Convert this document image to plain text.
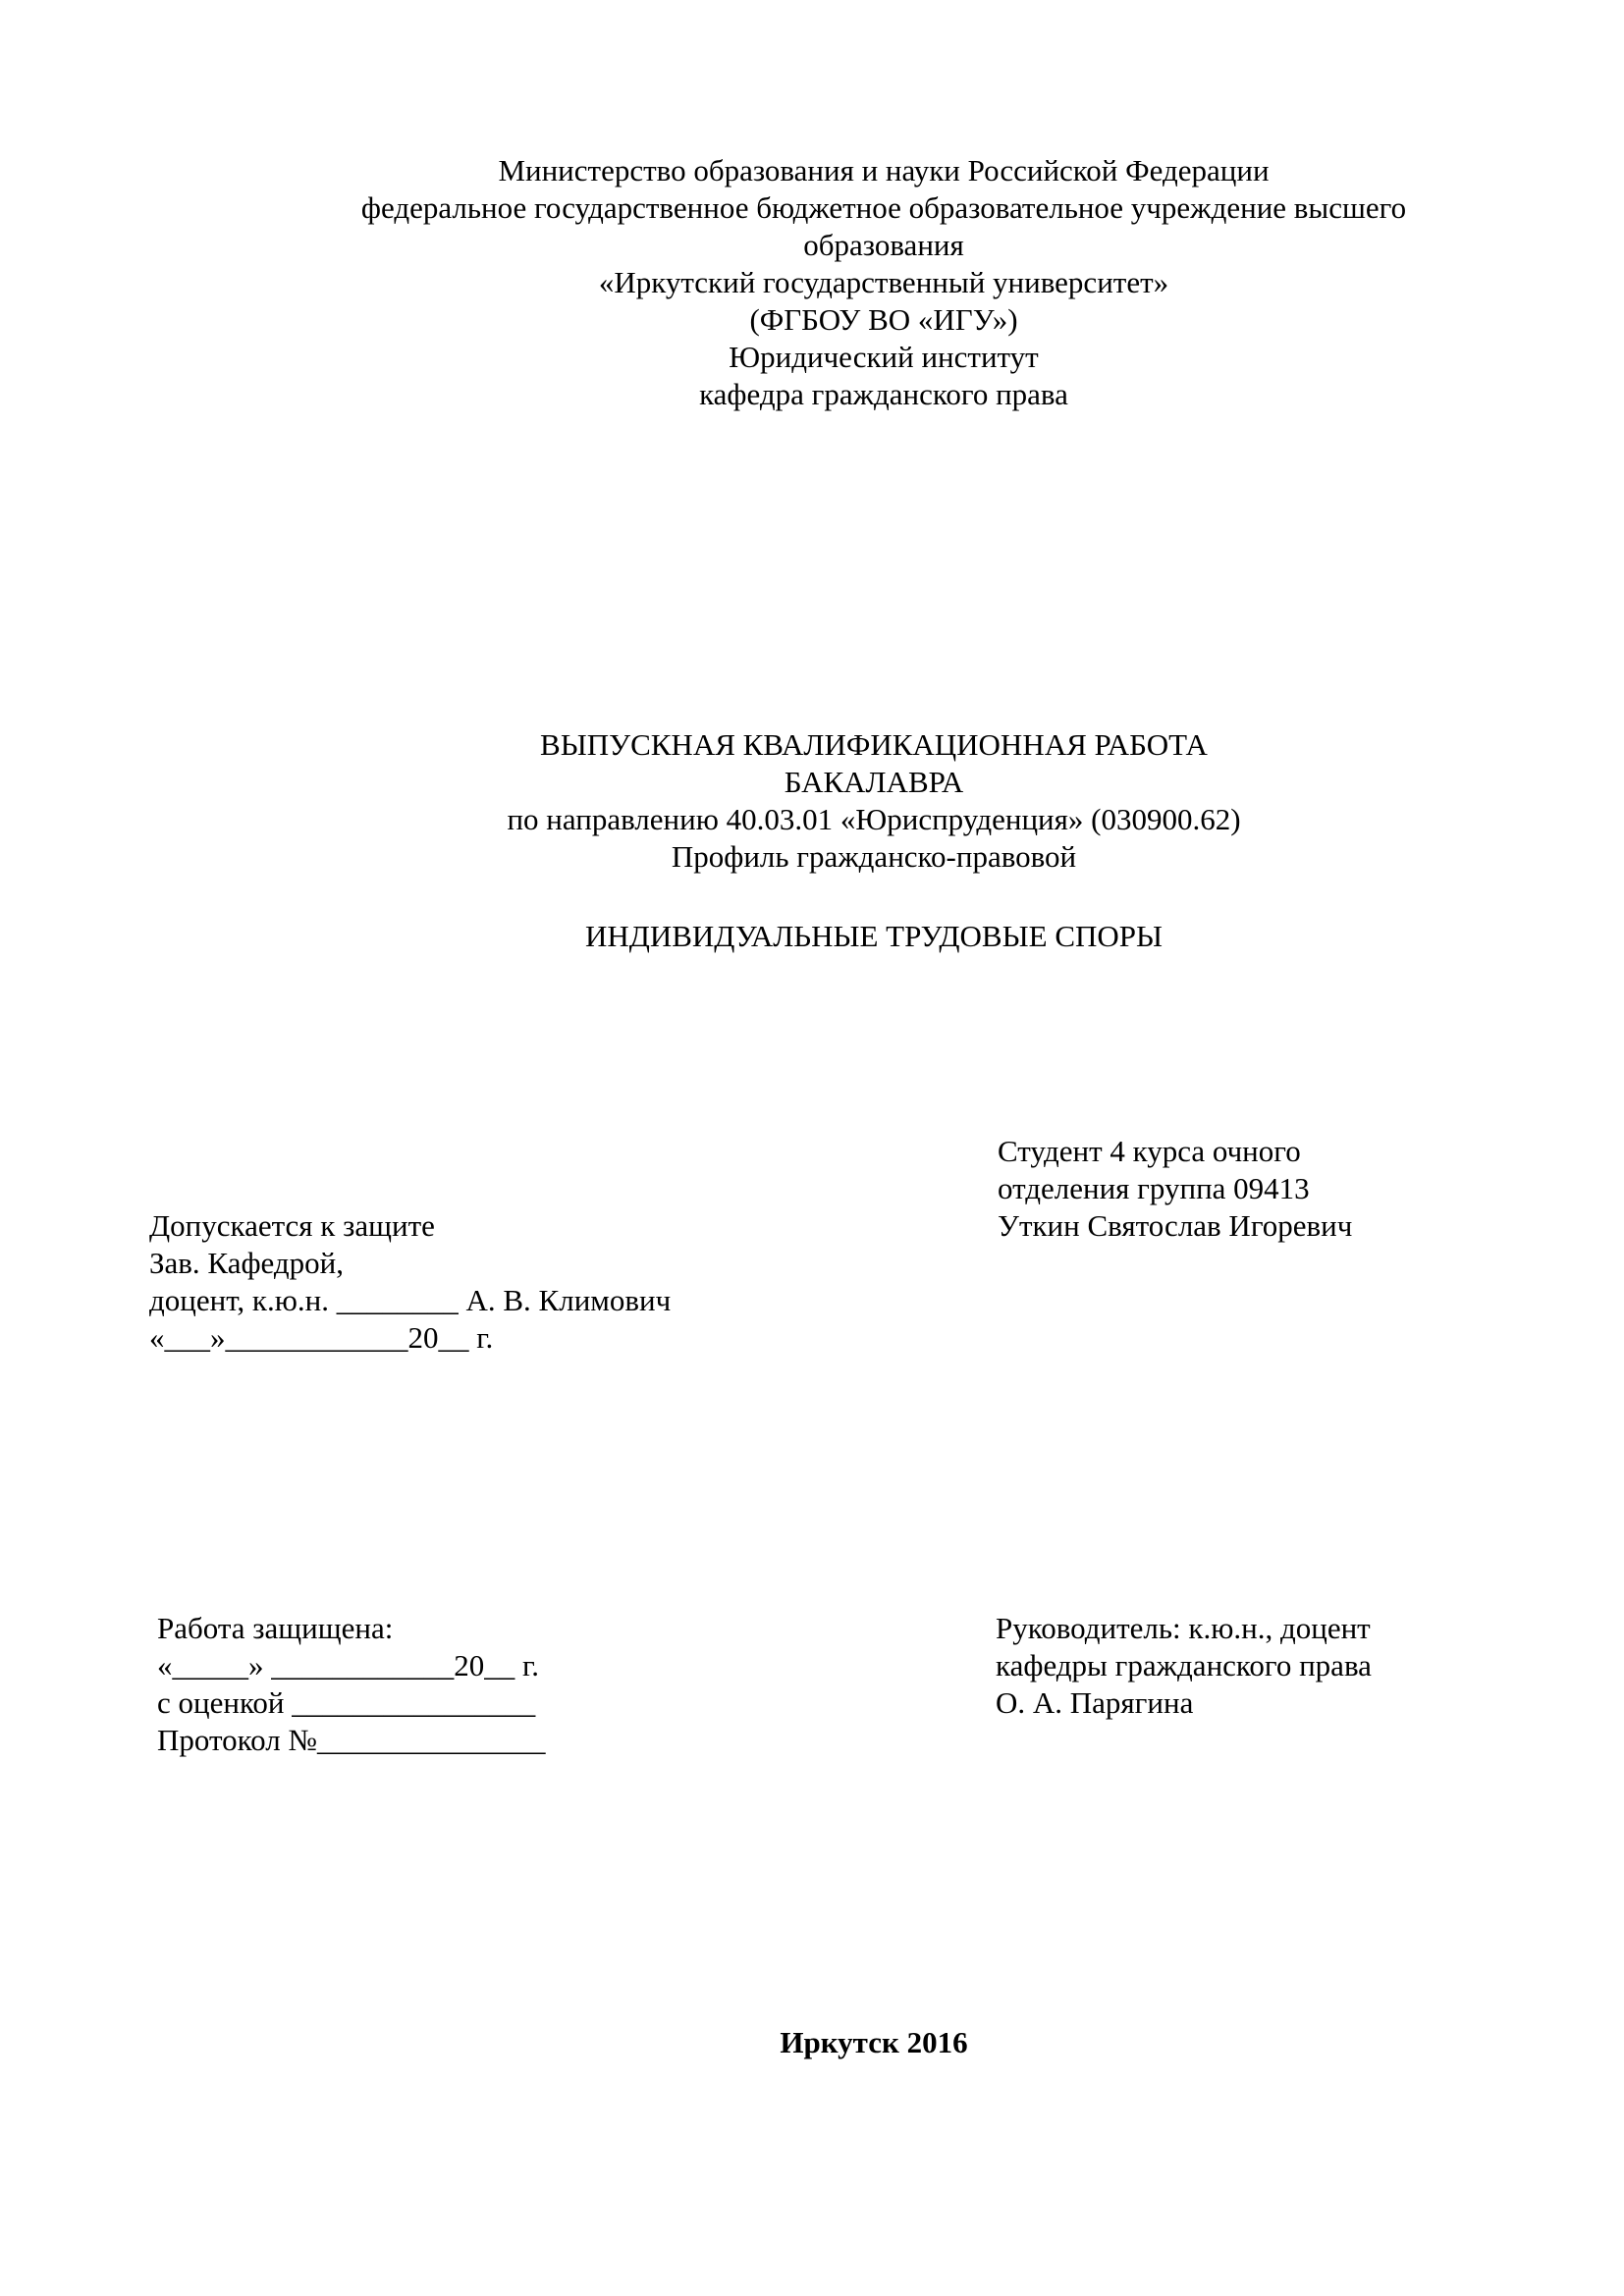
Министерство образования и науки Российской Федерации
федеральное государственное бюджетное образовательное учреждение высшего
образования
«Иркутский государственный университет»
(ФГБОУ ВО «ИГУ»)
Юридический институт
кафедра гражданского права
ВЫПУСКНАЯ КВАЛИФИКАЦИОННАЯ РАБОТА
БАКАЛАВРА
по направлению 40.03.01 «Юриспруденция» (030900.62)
Профиль гражданско-правовой
ИНДИВИДУАЛЬНЫЕ ТРУДОВЫЕ СПОРЫ
Студент 4 курса очного
отделения группа 09413
Уткин Святослав Игоревич
Допускается к защите
Зав. Кафедрой,
доцент, к.ю.н. ________ А. В. Климович
«___»____________20__ г.
Работа защищена:
«_____» ____________20__ г.
с оценкой ________________
Протокол №_______________
Руководитель: к.ю.н., доцент
кафедры гражданского права
О. А. Парягина
Иркутск 2016
